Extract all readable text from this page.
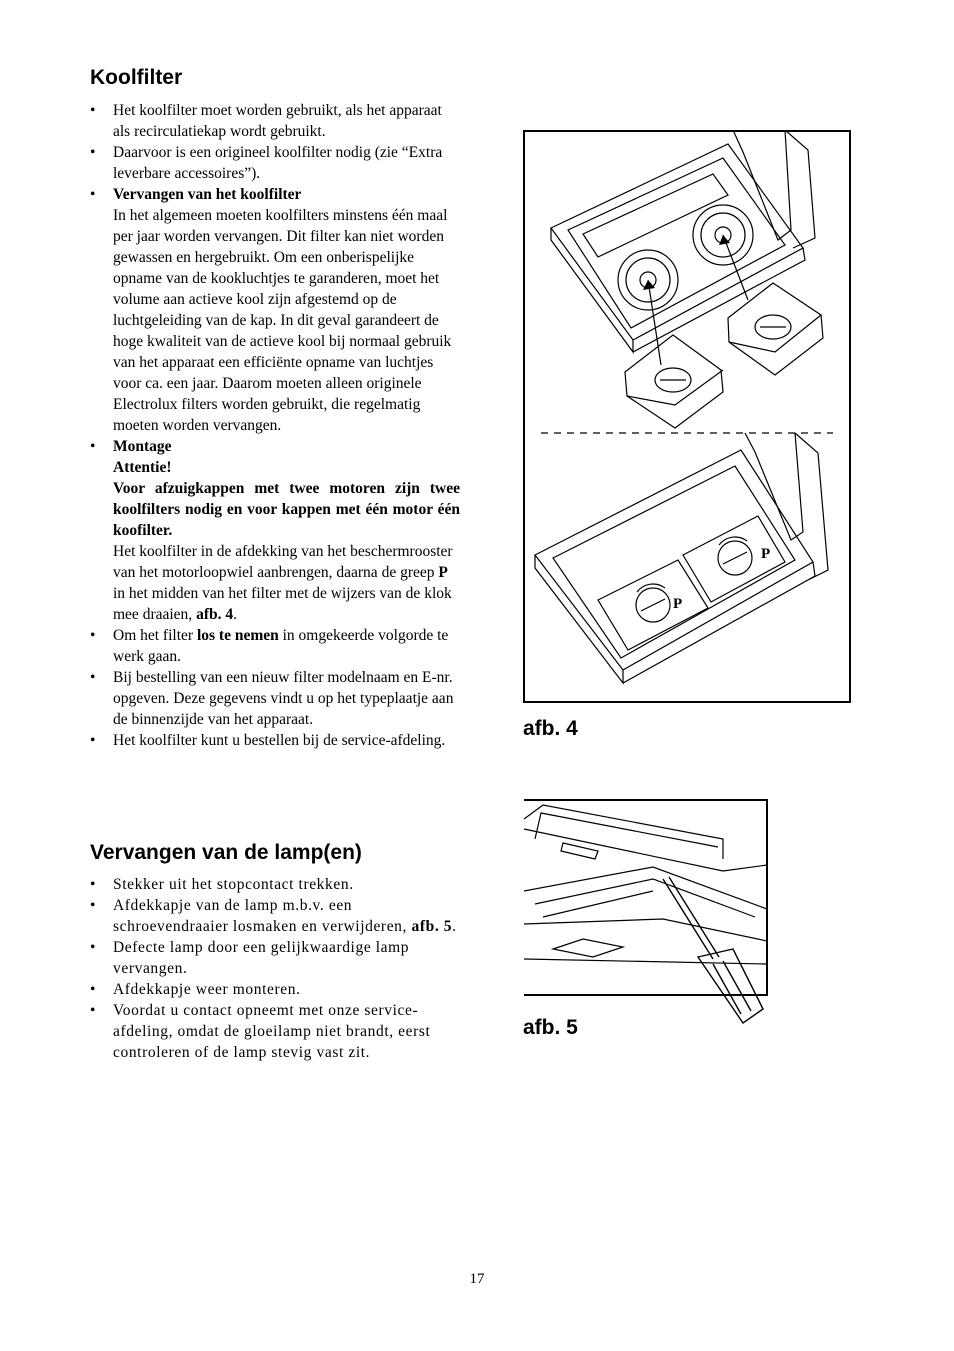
Koolfilter
• Het koolfilter moet worden gebruikt, als het apparaat als recirculatiekap wordt gebruikt.
• Daarvoor is een origineel koolfilter nodig (zie “Extra leverbare accessoires”).
• Vervangen van het koolfilter
In het algemeen moeten koolfilters minstens één maal per jaar worden vervangen. Dit filter kan niet worden gewassen en hergebruikt. Om een onberispelijke opname van de kookluchtjes te garanderen, moet het volume aan actieve kool zijn afgestemd op de luchtgeleiding van de kap. In dit geval garandeert de hoge kwaliteit van de actieve kool bij normaal gebruik van het apparaat een efficiënte opname van luchtjes voor ca. een jaar. Daarom moeten alleen originele Electrolux filters worden gebruikt, die regelmatig moeten worden vervangen.
• Montage
Attentie!
Voor afzuigkappen met twee motoren zijn twee koolfilters nodig en voor kappen met één motor één koofilter.
Het koolfilter in de afdekking van het beschermrooster van het motorloopwiel aanbrengen, daarna de greep P in het midden van het filter met de wijzers van de klok mee draaien, afb. 4.
• Om het filter los te nemen in omgekeerde volgorde te werk gaan.
• Bij bestelling van een nieuw filter modelnaam en E-nr. opgeven. Deze gegevens vindt u op het typeplaatje aan de binnenzijde van het apparaat.
• Het koolfilter kunt u bestellen bij de service-afdeling.
Vervangen van de lamp(en)
• Stekker uit het stopcontact trekken.
• Afdekkapje van de lamp m.b.v. een schroevendraaier losmaken en verwijderen, afb. 5.
• Defecte lamp door een gelijkwaardige lamp vervangen.
• Afdekkapje weer monteren.
• Voordat u contact opneemt met onze service-afdeling, omdat de gloeilamp niet brandt, eerst controleren of de lamp stevig vast zit.
P
P
afb. 4
afb. 5
17
